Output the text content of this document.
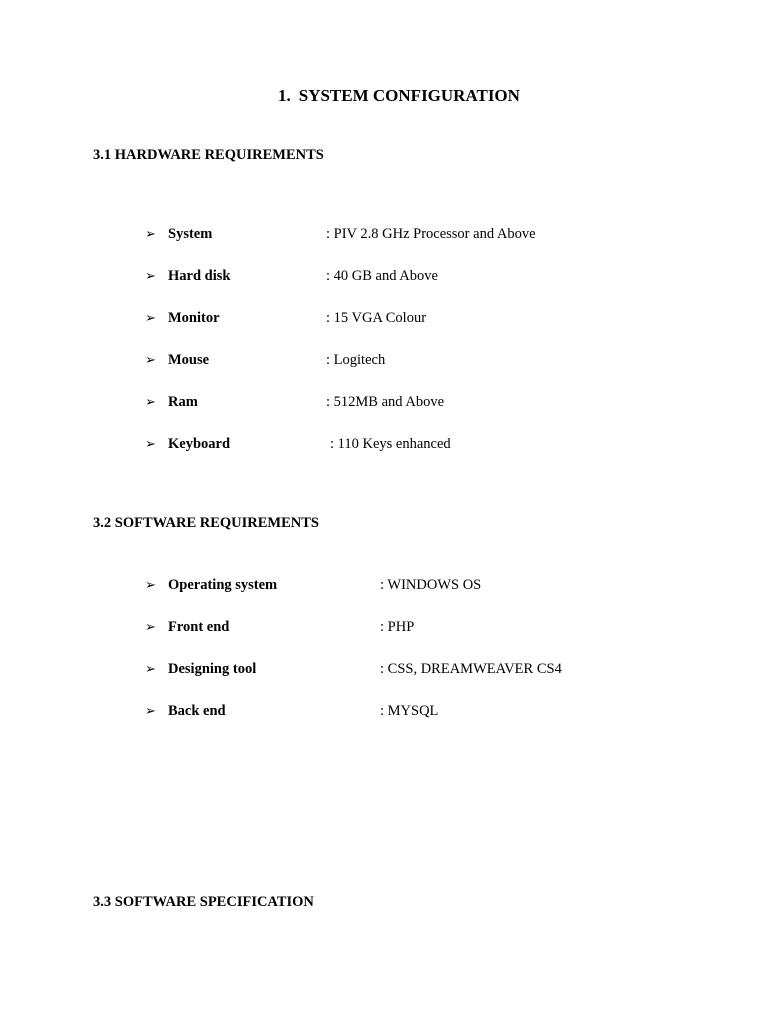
1. SYSTEM CONFIGURATION
3.1 HARDWARE REQUIREMENTS
➢ System	: PIV 2.8 GHz Processor and Above
➢ Hard disk	: 40 GB and Above
➢ Monitor	: 15 VGA Colour
➢ Mouse	: Logitech
➢ Ram	: 512MB and Above
➢ Keyboard	: 110 Keys enhanced
3.2 SOFTWARE REQUIREMENTS
➢ Operating system	: WINDOWS OS
➢ Front end	: PHP
➢ Designing tool	: CSS, DREAMWEAVER CS4
➢ Back end	: MYSQL
3.3 SOFTWARE SPECIFICATION
